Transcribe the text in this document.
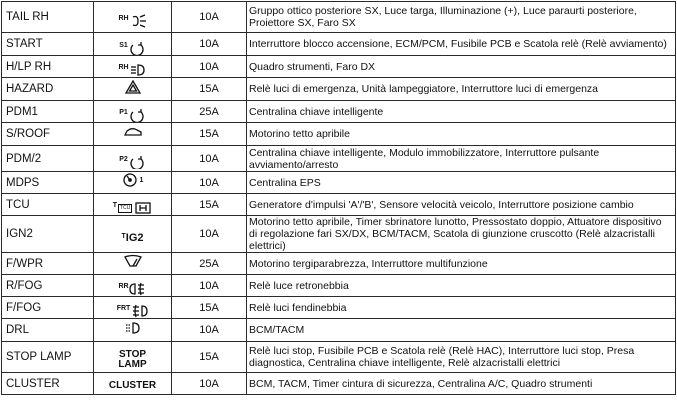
TAIL RH	RH	10A	Gruppo ottico posteriore SX, Luce targa, Illuminazione (+), Luce paraurti posteriore, Proiettore SX, Faro SX
START	S1	10A	Interruttore blocco accensione, ECM/PCM, Fusibile PCB e Scatola relè (Relè avviamento)
H/LP RH	RH	10A	Quadro strumenti, Faro DX
HAZARD		15A	Relè luci di emergenza, Unità lampeggiatore, Interruttore luci di emergenza
PDM1	P1	25A	Centralina chiave intelligente
S/ROOF		15A	Motorino tetto apribile
PDM/2	P2	10A	Centralina chiave intelligente, Modulo immobilizzatore, Interruttore pulsante avviamento/arresto
MDPS	1	10A	Centralina EPS
TCU	T TCU	15A	Generatore d'impulsi 'A'/'B', Sensore velocità veicolo, Interruttore posizione cambio
IGN2	T IG2	10A	Motorino tetto apribile, Timer sbrinatore lunotto, Pressostato doppio, Attuatore dispositivo di regolazione fari SX/DX, BCM/TACM, Scatola di giunzione cruscotto (Relè alzacristalli elettrici)
F/WPR		25A	Motorino tergiparabrezza, Interruttore multifunzione
R/FOG	RR	10A	Relè luce retronebbia
F/FOG	FRT	15A	Relè luci fendinebbia
DRL		10A	BCM/TACM
STOP LAMP	STOP LAMP	15A	Relè luci stop, Fusibile PCB e Scatola relè (Relè HAC), Interruttore luci stop, Presa diagnostica, Centralina chiave intelligente, Relè alzacristalli elettrici
CLUSTER	CLUSTER	10A	BCM, TACM, Timer cintura di sicurezza, Centralina A/C, Quadro strumenti
